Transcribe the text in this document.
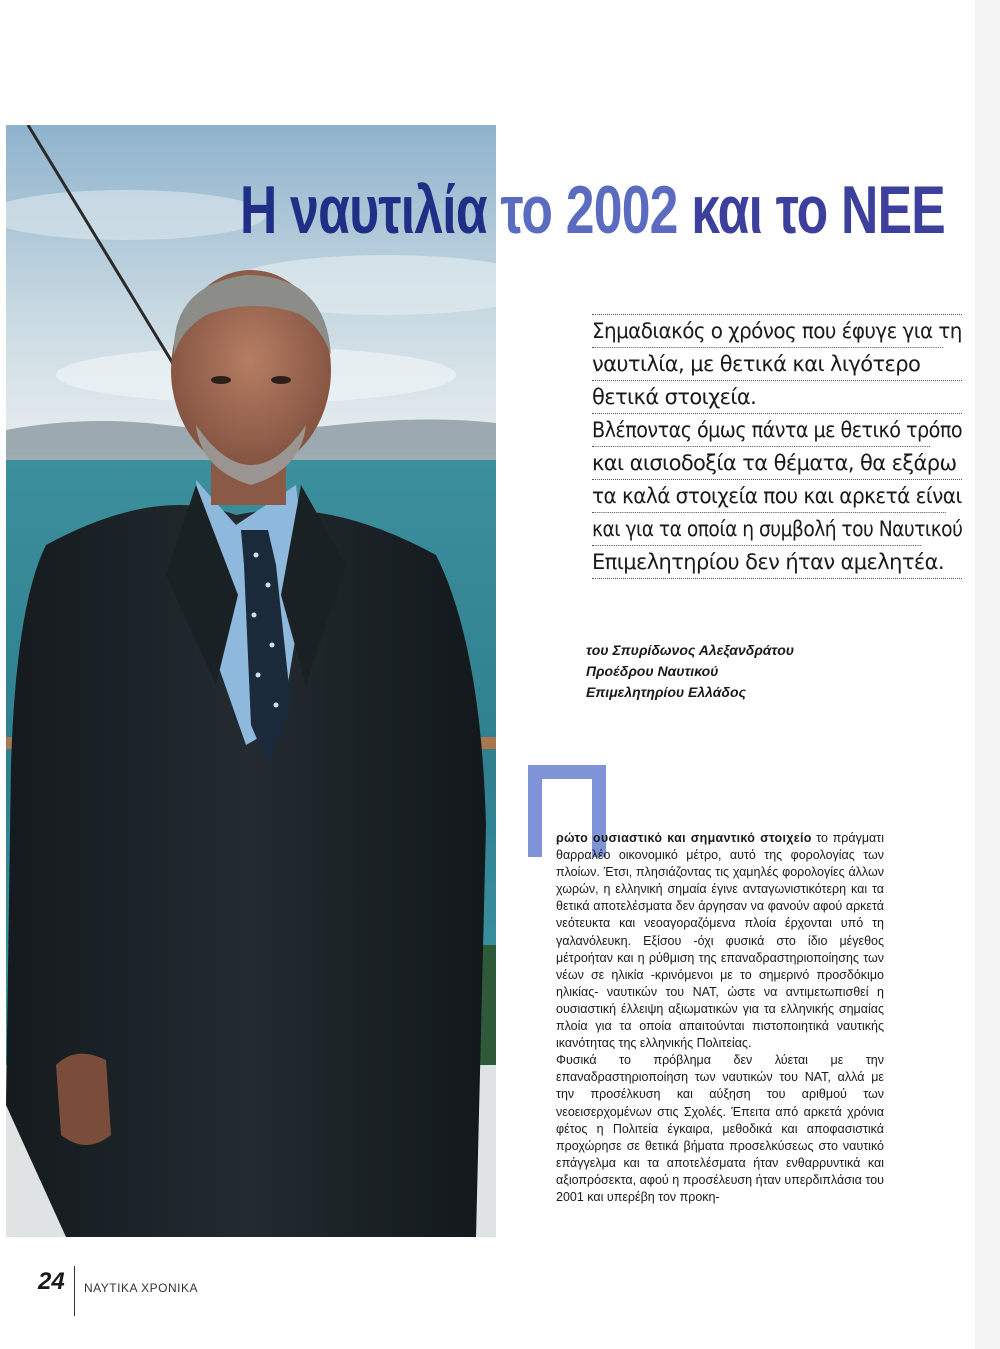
Η ναυτιλία το 2002 και το ΝΕΕ
Σημαδιακός ο χρόνος που έφυγε για τη
ναυτιλία, με θετικά και λιγότερο
θετικά στοιχεία.
Βλέποντας όμως πάντα με θετικό τρόπο
και αισιοδοξία τα θέματα, θα εξάρω
τα καλά στοιχεία που και αρκετά είναι
και για τα οποία η συμβολή του Ναυτικού
Επιμελητηρίου δεν ήταν αμελητέα.
του Σπυρίδωνος Αλεξανδράτου
Προέδρου Ναυτικού
Επιμελητηρίου Ελλάδος

ρώτο ουσιαστικό και σημαντικό στοιχείο το πράγματι θαρραλέο οικονομικό μέτρο, αυτό της φορολογίας των πλοίων. Έτσι, πλησιάζοντας τις χαμηλές φορολογίες άλλων χωρών, η ελληνική σημαία έγινε ανταγωνιστικότερη και τα θετικά αποτελέσματα δεν άργησαν να φανούν αφού αρκετά νεότευκτα και νεοαγοραζόμενα πλοία έρχονται υπό τη γαλανόλευκη. Εξίσου -όχι φυσικά στο ίδιο μέγεθος μέτροήταν και η ρύθμιση της επαναδραστηριοποίησης των νέων σε ηλικία -κρινόμενοι με το σημερινό προσδόκιμο ηλικίας- ναυτικών του ΝΑΤ, ώστε να αντιμετωπισθεί η ουσιαστική έλλειψη αξιωματικών για τα ελληνικής σημαίας πλοία για τα οποία απαιτούνται πιστοποιητικά ναυτικής ικανότητας της ελληνικής Πολιτείας.

Φυσικά το πρόβλημα δεν λύεται με την επαναδραστηριοποίηση των ναυτικών του ΝΑΤ, αλλά με την προσέλκυση και αύξηση του αριθμού των νεοεισερχομένων στις Σχολές. Έπειτα από αρκετά χρόνια φέτος η Πολιτεία έγκαιρα, μεθοδικά και αποφασιστικά προχώρησε σε θετικά βήματα προσελκύσεως στο ναυτικό επάγγελμα και τα αποτελέσματα ήταν ενθαρρυντικά και αξιοπρόσεκτα, αφού η προσέλευση ήταν υπερδιπλάσια του 2001 και υπερέβη τον προκη-

24 ΝΑΥΤΙΚΑ ΧΡΟΝΙΚΑ
